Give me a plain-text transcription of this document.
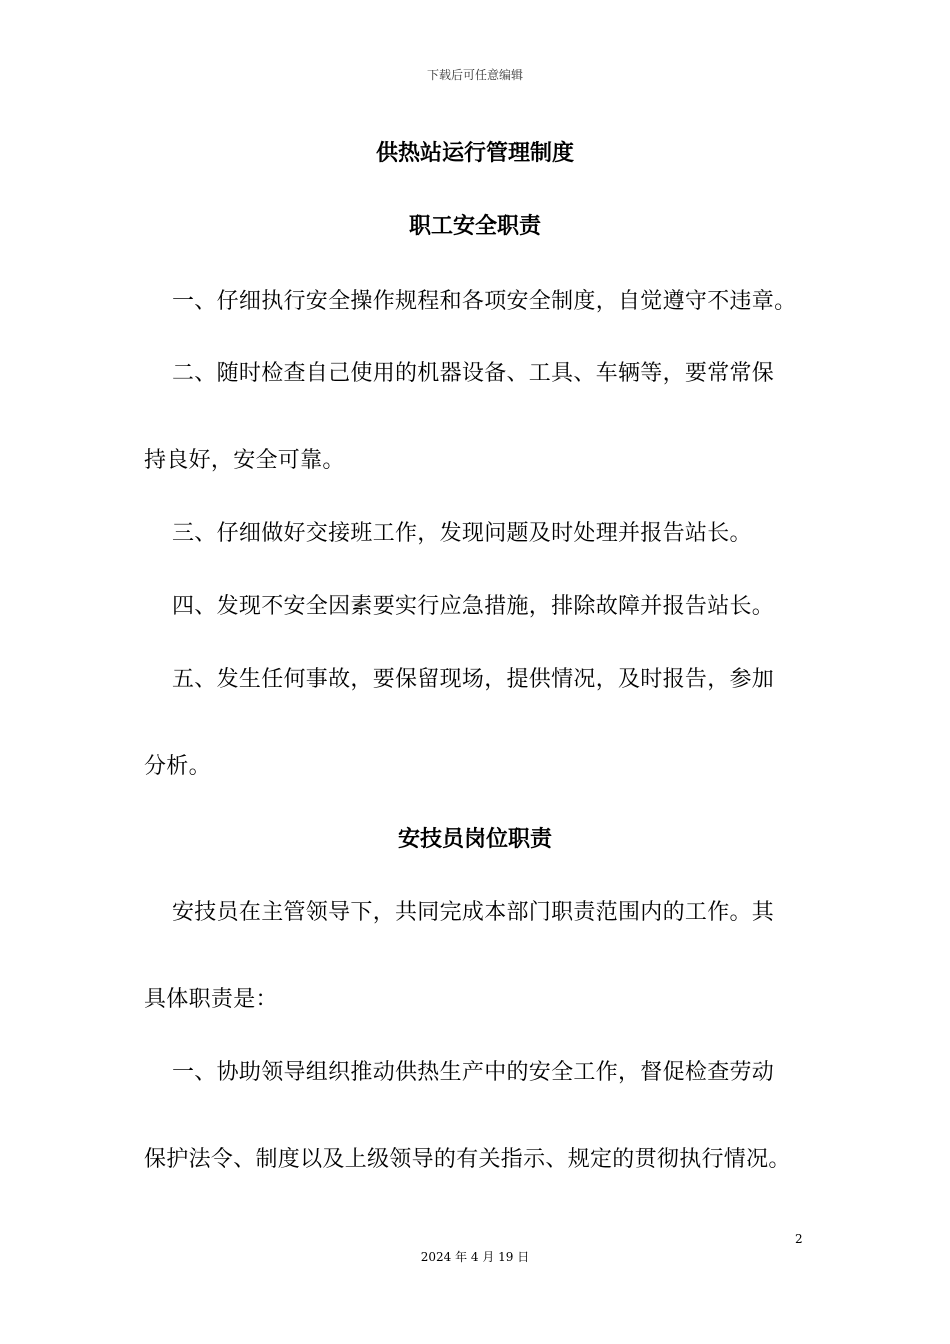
下载后可任意编辑
供热站运行管理制度
职工安全职责
一、仔细执行安全操作规程和各项安全制度，自觉遵守不违章。
二、随时检查自己使用的机器设备、工具、车辆等，要常常保
持良好，安全可靠。
三、仔细做好交接班工作，发现问题及时处理并报告站长。
四、发现不安全因素要实行应急措施，排除故障并报告站长。
五、发生任何事故，要保留现场，提供情况，及时报告，参加
分析。
安技员岗位职责
安技员在主管领导下，共同完成本部门职责范围内的工作。其
具体职责是：
一、协助领导组织推动供热生产中的安全工作，督促检查劳动
保护法令、制度以及上级领导的有关指示、规定的贯彻执行情况。
2
2024 年 4 月 19 日
